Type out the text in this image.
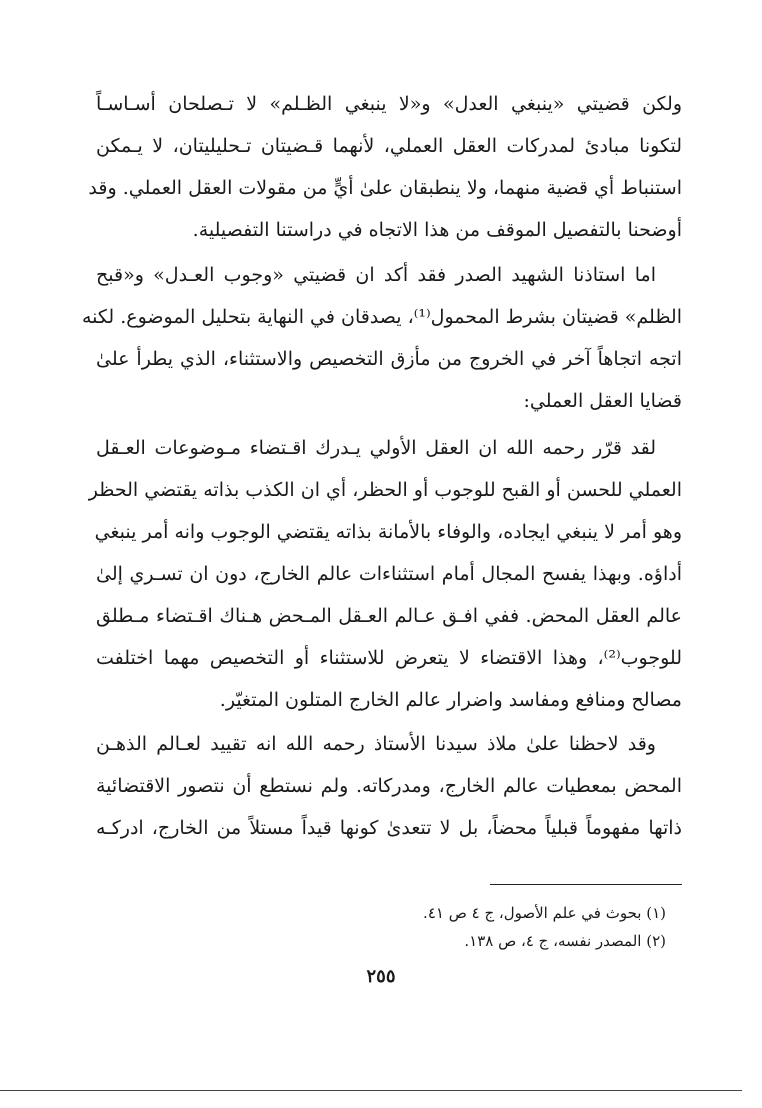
ولكن قضيتي «ينبغي العدل» و«لا ينبغي الظـلم» لا تـصلحان أسـاسـاً
لتكونا مبادئ لمدركات العقل العملي، لأنهما قـضيتان تـحليليتان، لا يـمكن
استنباط أي قضية منهما، ولا ينطبقان علىٰ أيٍّ من مقولات العقل العملي. وقد
أوضحنا بالتفصيل الموقف من هذا الاتجاه في دراستنا التفصيلية.
اما استاذنا الشهيد الصدر فقد أكد ان قضيتي «وجوب العـدل» و«قبح
الظلم» قضيتان بشرط المحمول⁽¹⁾، يصدقان في النهاية بتحليل الموضوع. لكنه
اتجه اتجاهاً آخر في الخروج من مأزق التخصيص والاستثناء، الذي يطرأ علىٰ
قضايا العقل العملي:
لقد قرّر رحمه الله ان العقل الأولي يـدرك اقـتضاء مـوضوعات العـقل
العملي للحسن أو القبح للوجوب أو الحظر، أي ان الكذب بذاته يقتضي الحظر
وهو أمر لا ينبغي ايجاده، والوفاء بالأمانة بذاته يقتضي الوجوب وانه أمر ينبغي
أداؤه. وبهذا يفسح المجال أمام استثناءات عالم الخارج، دون ان تسـري إلىٰ
عالم العقل المحض. ففي افـق عـالم العـقل المـحض هـناك اقـتضاء مـطلق
للوجوب⁽²⁾، وهذا الاقتضاء لا يتعرض للاستثناء أو التخصيص مهما اختلفت
مصالح ومنافع ومفاسد واضرار عالم الخارج المتلون المتغيّر.
وقد لاحظنا علىٰ ملاذ سيدنا الأستاذ رحمه الله انه تقييد لعـالم الذهـن
المحض بمعطيات عالم الخارج، ومدركاته. ولم نستطع أن نتصور الاقتضائية
ذاتها مفهوماً قبلياً محضاً، بل لا تتعدىٰ كونها قيداً مستلاً من الخارج، ادركـه
(١) بحوث في علم الأصول، ج ٤ ص ٤١.
(٢) المصدر نفسه، ج ٤، ص ١٣٨.
٢٥٥
